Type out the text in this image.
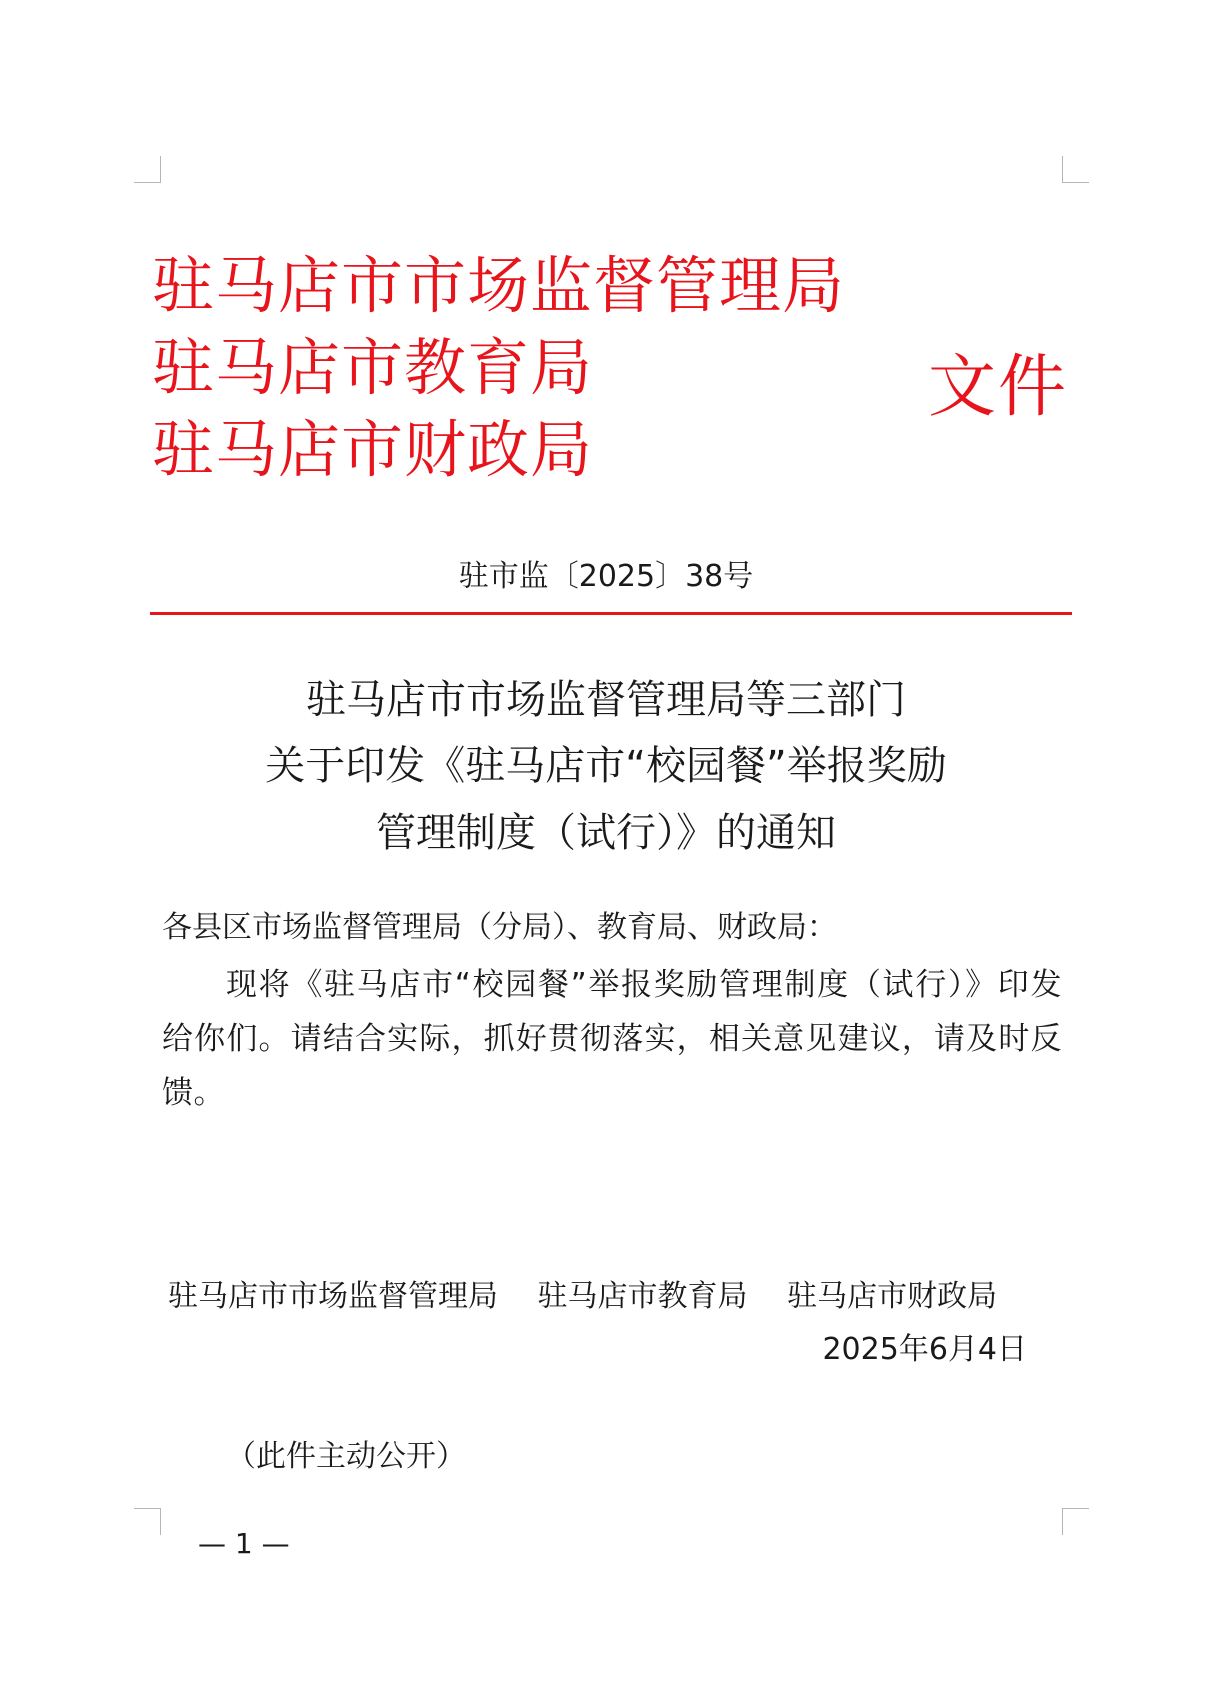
驻马店市市场监督管理局
驻马店市教育局
驻马店市财政局
文件
驻市监〔2025〕38号
驻马店市市场监督管理局等三部门
关于印发《驻马店市“校园餐”举报奖励
管理制度（试行）》的通知
各县区市场监督管理局（分局）、教育局、财政局：
现将《驻马店市“校园餐”举报奖励管理制度（试行）》印发给你们。请结合实际，抓好贯彻落实，相关意见建议，请及时反馈。
驻马店市市场监督管理局 驻马店市教育局 驻马店市财政局
2025年6月4日
（此件主动公开）
— 1 —
